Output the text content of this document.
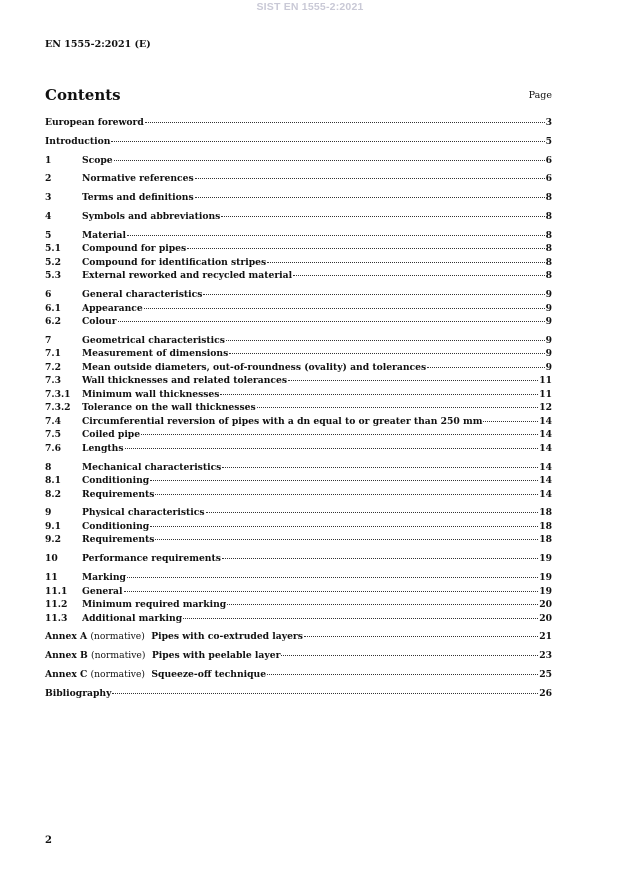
SIST EN 1555-2:2021
EN 1555-2:2021 (E)
Contents	Page
European foreword	3
Introduction	5
1	Scope	6
2	Normative references	6
3	Terms and definitions	8
4	Symbols and abbreviations	8
5	Material	8
5.1	Compound for pipes	8
5.2	Compound for identification stripes	8
5.3	External reworked and recycled material	8
6	General characteristics	9
6.1	Appearance	9
6.2	Colour	9
7	Geometrical characteristics	9
7.1	Measurement of dimensions	9
7.2	Mean outside diameters, out-of-roundness (ovality) and tolerances	9
7.3	Wall thicknesses and related tolerances	11
7.3.1	Minimum wall thicknesses	11
7.3.2	Tolerance on the wall thicknesses	12
7.4	Circumferential reversion of pipes with a dn equal to or greater than 250 mm	14
7.5	Coiled pipe	14
7.6	Lengths	14
8	Mechanical characteristics	14
8.1	Conditioning	14
8.2	Requirements	14
9	Physical characteristics	18
9.1	Conditioning	18
9.2	Requirements	18
10	Performance requirements	19
11	Marking	19
11.1	General	19
11.2	Minimum required marking	20
11.3	Additional marking	20
Annex A (normative) Pipes with co-extruded layers	21
Annex B (normative) Pipes with peelable layer	23
Annex C (normative) Squeeze-off technique	25
Bibliography	26
2
